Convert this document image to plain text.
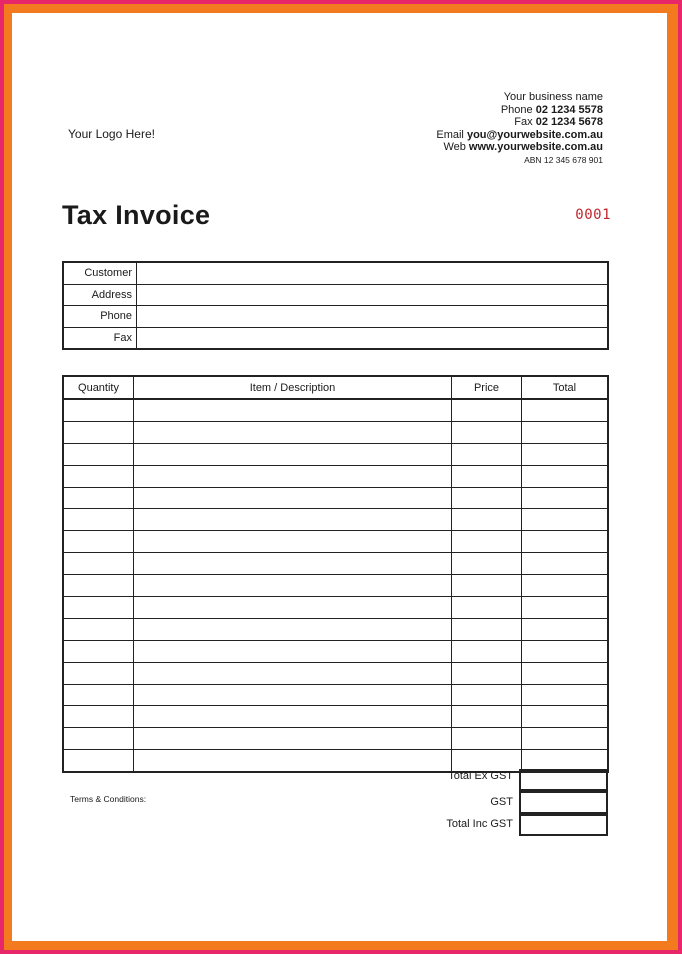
Your Logo Here!
Your business name
Phone 02 1234 5578
Fax 02 1234 5678
Email you@yourwebsite.com.au
Web www.yourwebsite.com.au
ABN 12 345 678 901
Tax Invoice	0001
Customer	
Address	
Phone	
Fax	
Quantity	Item / Description	Price	Total

Total Ex GST
GST
Total Inc GST
Terms & Conditions:
